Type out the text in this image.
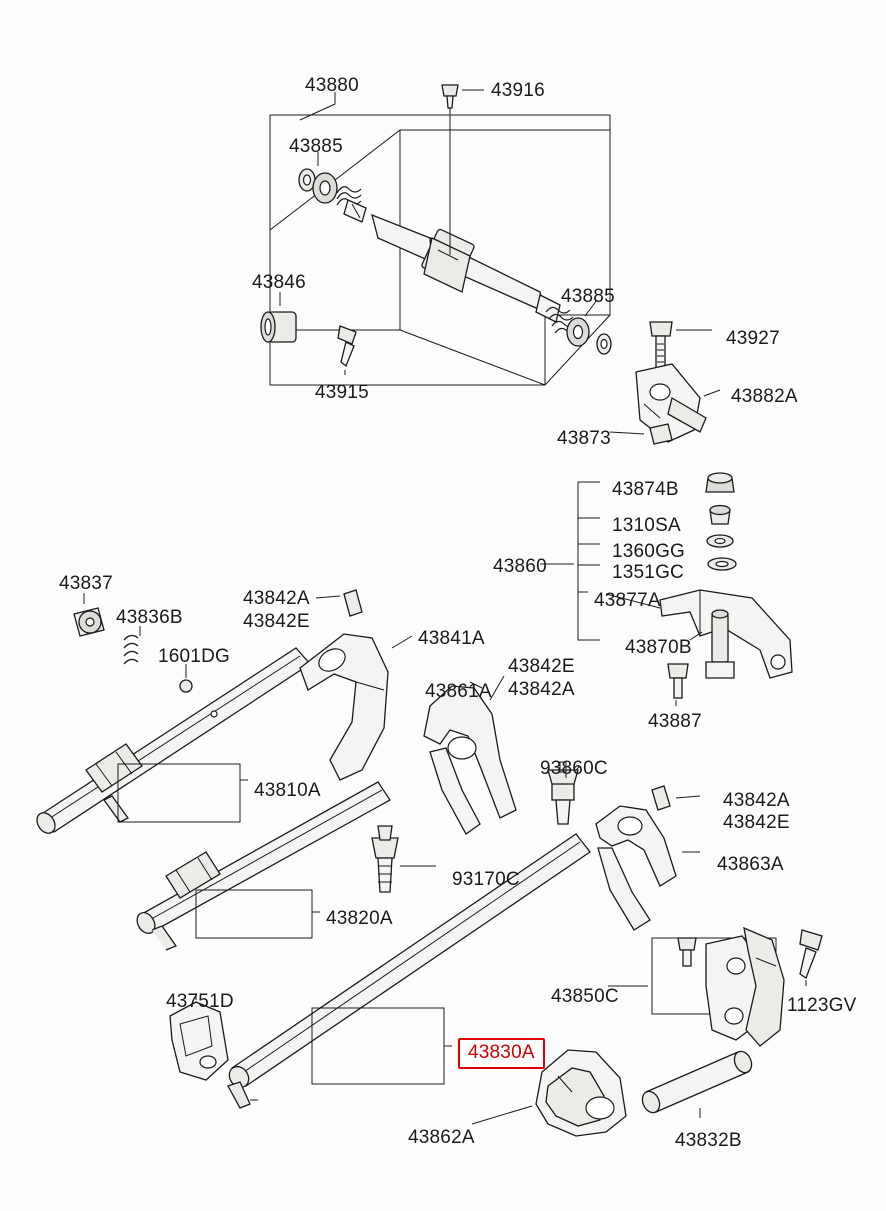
43880	43916
43885
43846
43885
43915
43927
43882A
43873
43874B
1310SA
1360GG
43860	1351GC
43877A
43837
43842A
43842E
43836B
43870B
43841A
1601DG	43842E
43861A 43842A
43887
93860C
43810A	43842A
43842E
43863A
93170C
43820A
43850C	1123GV
43751D
43830A
43862A	43832B
